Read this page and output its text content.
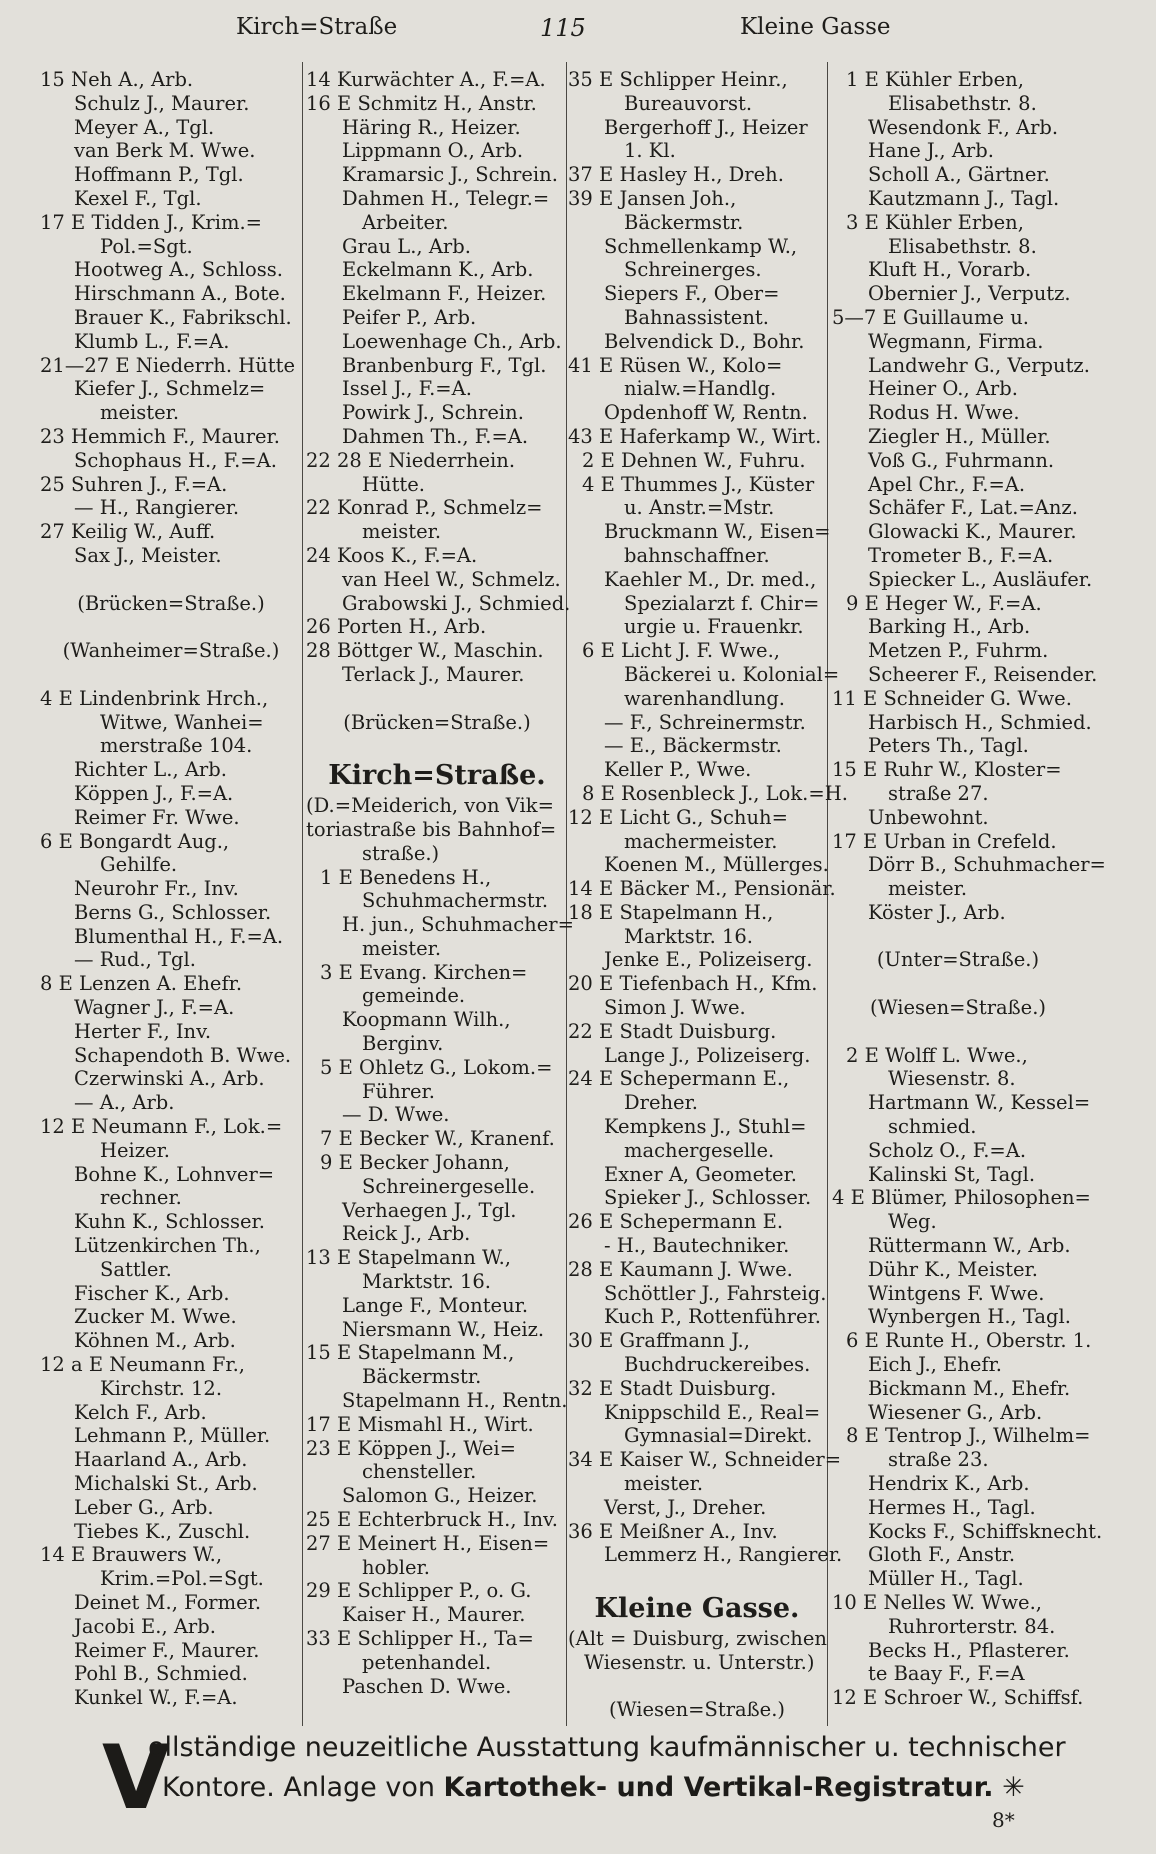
Kirch=Straße	115	Kleine Gasse
15 Neh A., Arb.
Schulz J., Maurer.
Meyer A., Tgl.
van Berk M. Wwe.
Hoffmann P., Tgl.
Kexel F., Tgl.
17 E Tidden J., Krim.=
Pol.=Sgt.
Hootweg A., Schloss.
Hirschmann A., Bote.
Brauer K., Fabrikschl.
Klumb L., F.=A.
21—27 E Niederrh. Hütte
Kiefer J., Schmelz=
meister.
23 Hemmich F., Maurer.
Schophaus H., F.=A.
25 Suhren J., F.=A.
— H., Rangierer.
27 Keilig W., Auff.
Sax J., Meister.
(Brücken=Straße.)
(Wanheimer=Straße.)
4 E Lindenbrink Hrch.,
Witwe, Wanhei=
merstraße 104.
Richter L., Arb.
Köppen J., F.=A.
Reimer Fr. Wwe.
6 E Bongardt Aug.,
Gehilfe.
Neurohr Fr., Inv.
Berns G., Schlosser.
Blumenthal H., F.=A.
— Rud., Tgl.
8 E Lenzen A. Ehefr.
Wagner J., F.=A.
Herter F., Inv.
Schapendoth B. Wwe.
Czerwinski A., Arb.
— A., Arb.
12 E Neumann F., Lok.=
Heizer.
Bohne K., Lohnver=
rechner.
Kuhn K., Schlosser.
Lützenkirchen Th.,
Sattler.
Fischer K., Arb.
Zucker M. Wwe.
Köhnen M., Arb.
12 a E Neumann Fr.,
Kirchstr. 12.
Kelch F., Arb.
Lehmann P., Müller.
Haarland A., Arb.
Michalski St., Arb.
Leber G., Arb.
Tiebes K., Zuschl.
14 E Brauwers W.,
Krim.=Pol.=Sgt.
Deinet M., Former.
Jacobi E., Arb.
Reimer F., Maurer.
Pohl B., Schmied.
Kunkel W., F.=A.
14 Kurwächter A., F.=A.
16 E Schmitz H., Anstr.
Häring R., Heizer.
Lippmann O., Arb.
Kramarsic J., Schrein.
Dahmen H., Telegr.=
Arbeiter.
Grau L., Arb.
Eckelmann K., Arb.
Ekelmann F., Heizer.
Peifer P., Arb.
Loewenhage Ch., Arb.
Branbenburg F., Tgl.
Issel J., F.=A.
Powirk J., Schrein.
Dahmen Th., F.=A.
22 28 E Niederrhein.
Hütte.
22 Konrad P., Schmelz=
meister.
24 Koos K., F.=A.
van Heel W., Schmelz.
Grabowski J., Schmied.
26 Porten H., Arb.
28 Böttger W., Maschin.
Terlack J., Maurer.
(Brücken=Straße.)
Kirch=Straße.
(D.=Meiderich, von Vik=
toriastraße bis Bahnhof=
straße.)
1 E Benedens H.,
Schuhmachermstr.
H. jun., Schuhmacher=
meister.
3 E Evang. Kirchen=
gemeinde.
Koopmann Wilh.,
Berginv.
5 E Ohletz G., Lokom.=
Führer.
— D. Wwe.
7 E Becker W., Kranenf.
9 E Becker Johann,
Schreinergeselle.
Verhaegen J., Tgl.
Reick J., Arb.
13 E Stapelmann W.,
Marktstr. 16.
Lange F., Monteur.
Niersmann W., Heiz.
15 E Stapelmann M.,
Bäckermstr.
Stapelmann H., Rentn.
17 E Mismahl H., Wirt.
23 E Köppen J., Wei=
chensteller.
Salomon G., Heizer.
25 E Echterbruck H., Inv.
27 E Meinert H., Eisen=
hobler.
29 E Schlipper P., o. G.
Kaiser H., Maurer.
33 E Schlipper H., Ta=
petenhandel.
Paschen D. Wwe.
35 E Schlipper Heinr.,
Bureauvorst.
Bergerhoff J., Heizer
1. Kl.
37 E Hasley H., Dreh.
39 E Jansen Joh.,
Bäckermstr.
Schmellenkamp W.,
Schreinerges.
Siepers F., Ober=
Bahnassistent.
Belvendick D., Bohr.
41 E Rüsen W., Kolo=
nialw.=Handlg.
Opdenhoff W, Rentn.
43 E Haferkamp W., Wirt.
2 E Dehnen W., Fuhru.
4 E Thummes J., Küster
u. Anstr.=Mstr.
Bruckmann W., Eisen=
bahnschaffner.
Kaehler M., Dr. med.,
Spezialarzt f. Chir=
urgie u. Frauenkr.
6 E Licht J. F. Wwe.,
Bäckerei u. Kolonial=
warenhandlung.
— F., Schreinermstr.
— E., Bäckermstr.
Keller P., Wwe.
8 E Rosenbleck J., Lok.=H.
12 E Licht G., Schuh=
machermeister.
Koenen M., Müllerges.
14 E Bäcker M., Pensionär.
18 E Stapelmann H.,
Marktstr. 16.
Jenke E., Polizeiserg.
20 E Tiefenbach H., Kfm.
Simon J. Wwe.
22 E Stadt Duisburg.
Lange J., Polizeiserg.
24 E Schepermann E.,
Dreher.
Kempkens J., Stuhl=
machergeselle.
Exner A, Geometer.
Spieker J., Schlosser.
26 E Schepermann E.
- H., Bautechniker.
28 E Kaumann J. Wwe.
Schöttler J., Fahrsteig.
Kuch P., Rottenführer.
30 E Graffmann J.,
Buchdruckereibes.
32 E Stadt Duisburg.
Knippschild E., Real=
Gymnasial=Direkt.
34 E Kaiser W., Schneider=
meister.
Verst, J., Dreher.
36 E Meißner A., Inv.
Lemmerz H., Rangierer.
Kleine Gasse.
(Alt = Duisburg, zwischen
Wiesenstr. u. Unterstr.)
(Wiesen=Straße.)
1 E Kühler Erben,
Elisabethstr. 8.
Wesendonk F., Arb.
Hane J., Arb.
Scholl A., Gärtner.
Kautzmann J., Tagl.
3 E Kühler Erben,
Elisabethstr. 8.
Kluft H., Vorarb.
Obernier J., Verputz.
5—7 E Guillaume u.
Wegmann, Firma.
Landwehr G., Verputz.
Heiner O., Arb.
Rodus H. Wwe.
Ziegler H., Müller.
Voß G., Fuhrmann.
Apel Chr., F.=A.
Schäfer F., Lat.=Anz.
Glowacki K., Maurer.
Trometer B., F.=A.
Spiecker L., Ausläufer.
9 E Heger W., F.=A.
Barking H., Arb.
Metzen P., Fuhrm.
Scheerer F., Reisender.
11 E Schneider G. Wwe.
Harbisch H., Schmied.
Peters Th., Tagl.
15 E Ruhr W., Kloster=
straße 27.
Unbewohnt.
17 E Urban in Crefeld.
Dörr B., Schuhmacher=
meister.
Köster J., Arb.
(Unter=Straße.)
(Wiesen=Straße.)
2 E Wolff L. Wwe.,
Wiesenstr. 8.
Hartmann W., Kessel=
schmied.
Scholz O., F.=A.
Kalinski St, Tagl.
4 E Blümer, Philosophen=
Weg.
Rüttermann W., Arb.
Dühr K., Meister.
Wintgens F. Wwe.
Wynbergen H., Tagl.
6 E Runte H., Oberstr. 1.
Eich J., Ehefr.
Bickmann M., Ehefr.
Wiesener G., Arb.
8 E Tentrop J., Wilhelm=
straße 23.
Hendrix K., Arb.
Hermes H., Tagl.
Kocks F., Schiffsknecht.
Gloth F., Anstr.
Müller H., Tagl.
10 E Nelles W. Wwe.,
Ruhrorterstr. 84.
Becks H., Pflasterer.
te Baay F., F.=A
12 E Schroer W., Schiffsf.
V
ollständige neuzeitliche Ausstattung kaufmännischer u. technischer
Kontore. Anlage von Kartothek- und Vertikal-Registratur. ✳
8*
